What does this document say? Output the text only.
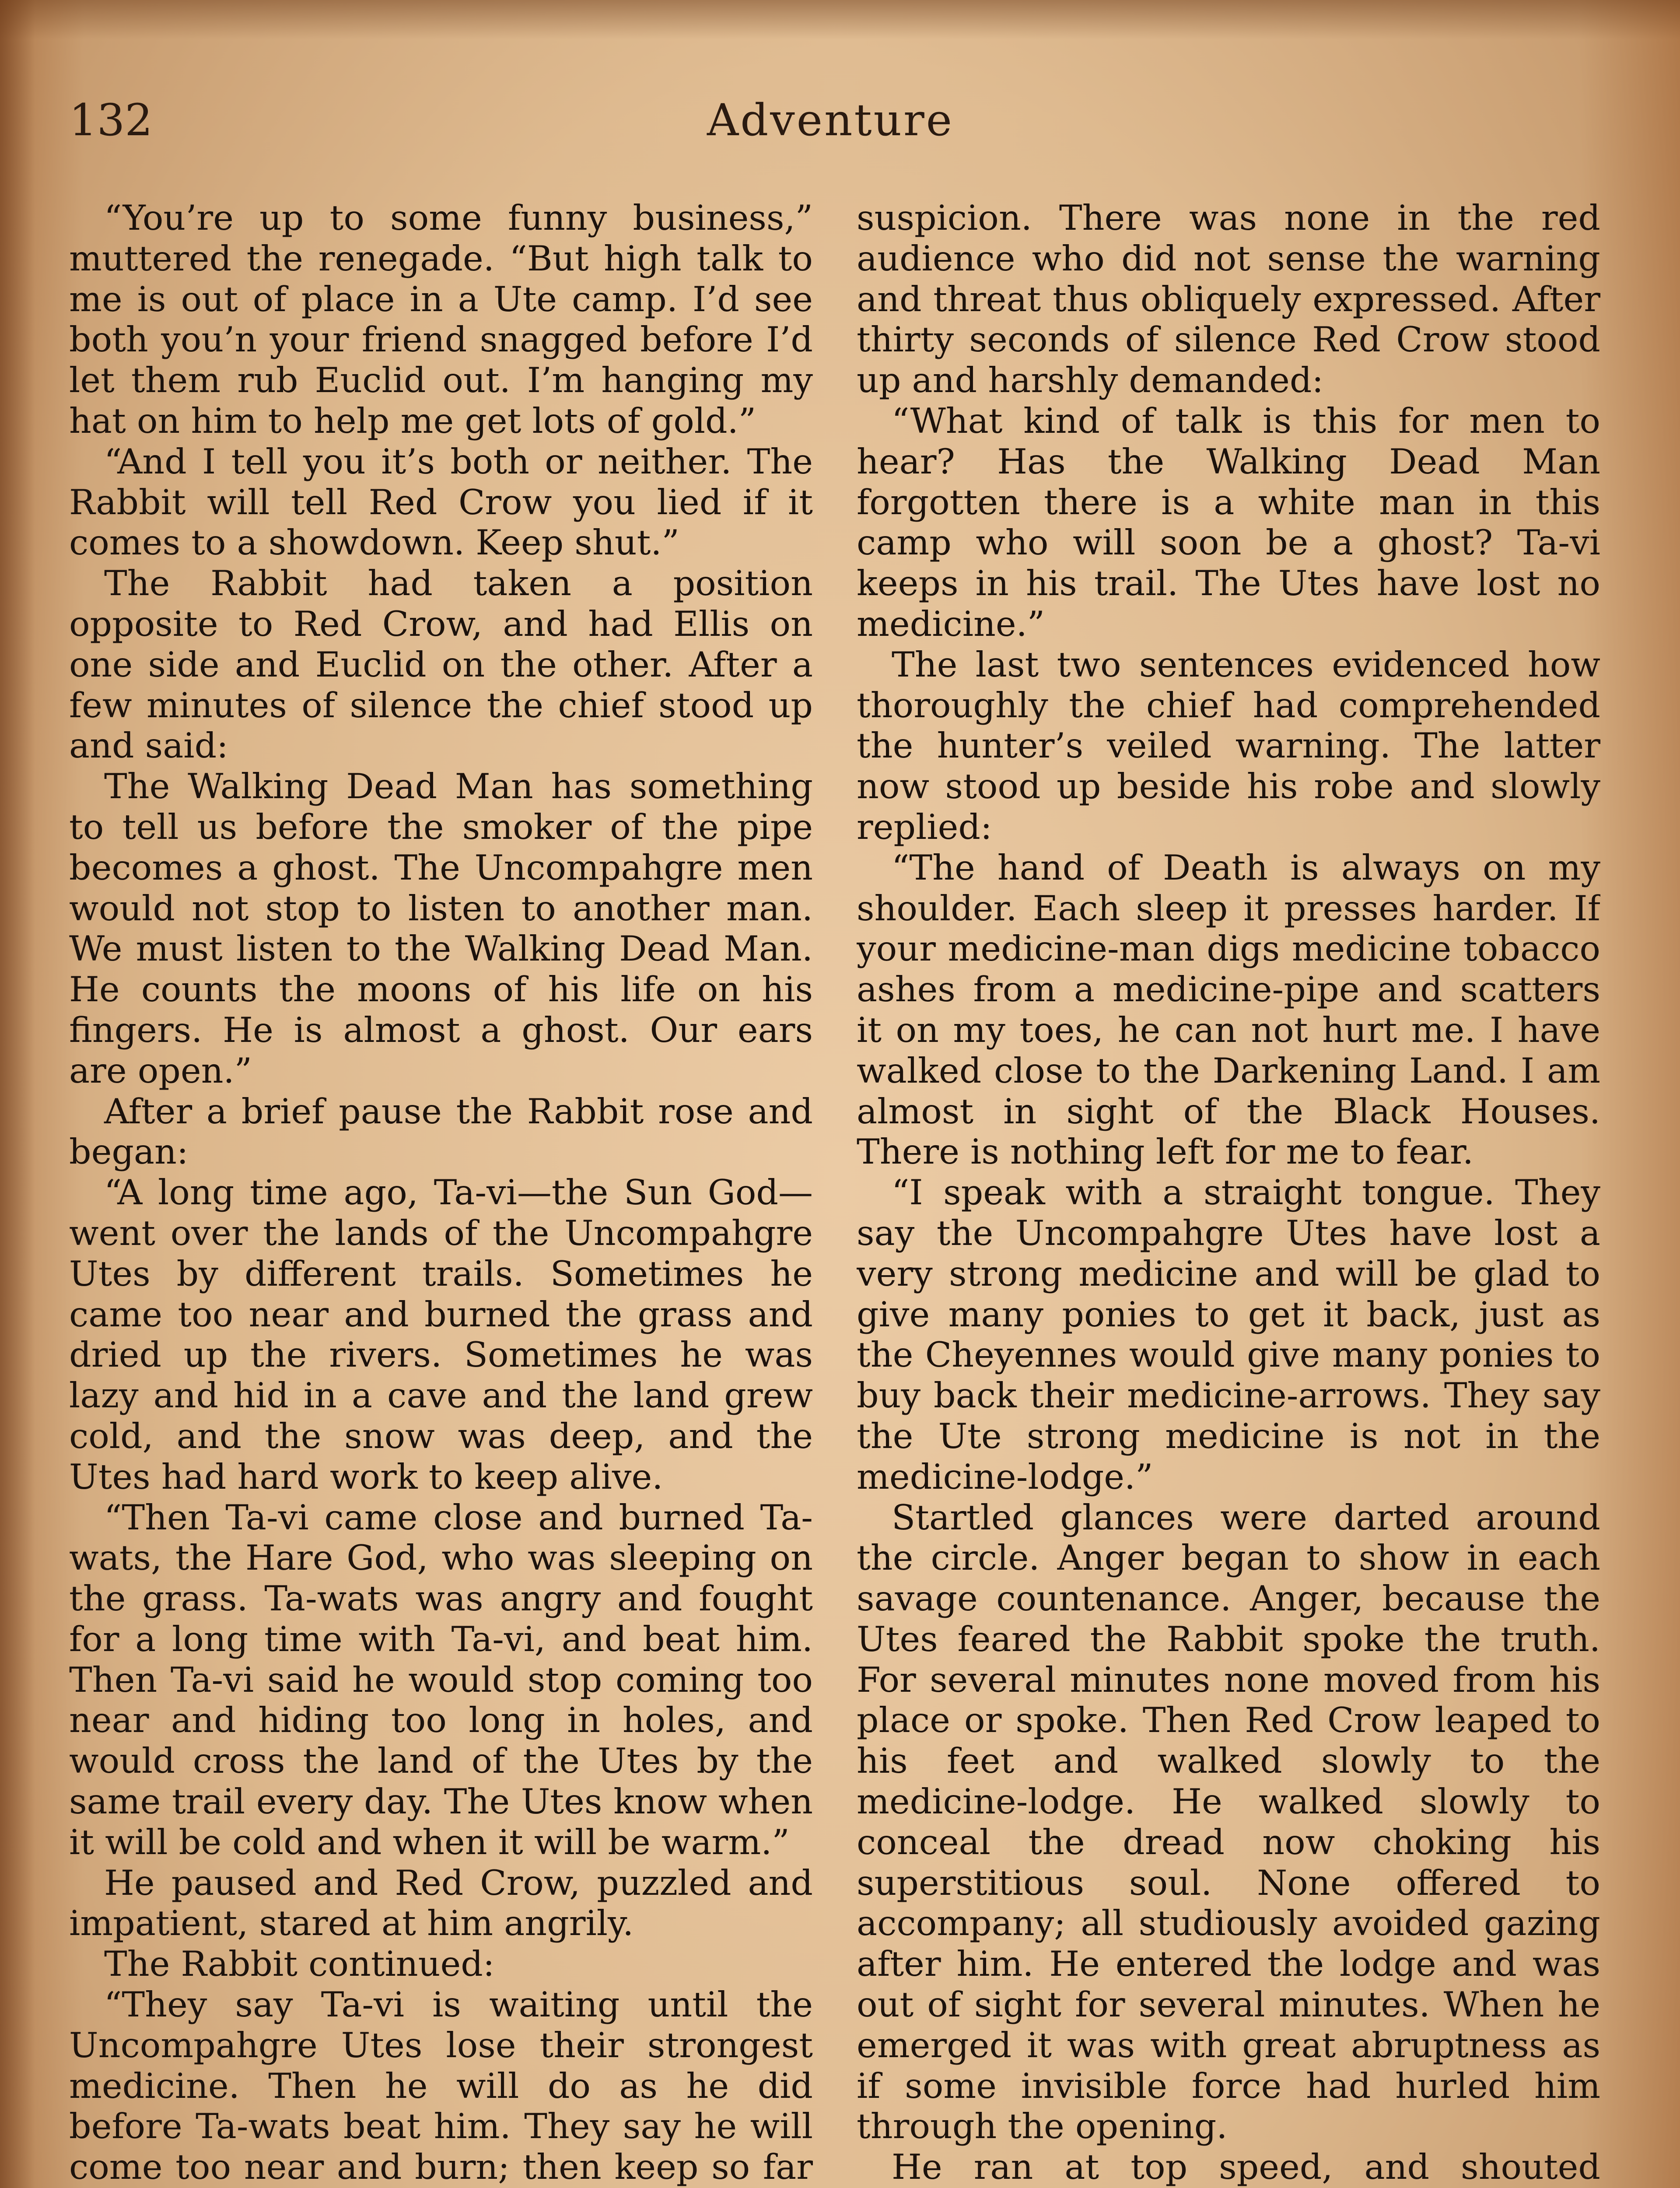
132	Adventure

“You’re up to some funny business,” muttered the renegade. “But high talk to me is out of place in a Ute camp. I’d see both you’n your friend snagged before I’d let them rub Euclid out. I’m hanging my hat on him to help me get lots of gold.”

“And I tell you it’s both or neither. The Rabbit will tell Red Crow you lied if it comes to a showdown. Keep shut.”

The Rabbit had taken a position opposite to Red Crow, and had Ellis on one side and Euclid on the other. After a few minutes of silence the chief stood up and said:

The Walking Dead Man has something to tell us before the smoker of the pipe becomes a ghost. The Uncompahgre men would not stop to listen to another man. We must listen to the Walking Dead Man. He counts the moons of his life on his fingers. He is almost a ghost. Our ears are open.”

After a brief pause the Rabbit rose and began:

“A long time ago, Ta-vi—the Sun God—went over the lands of the Uncompahgre Utes by different trails. Sometimes he came too near and burned the grass and dried up the rivers. Sometimes he was lazy and hid in a cave and the land grew cold, and the snow was deep, and the Utes had hard work to keep alive.

“Then Ta-vi came close and burned Ta-wats, the Hare God, who was sleeping on the grass. Ta-wats was angry and fought for a long time with Ta-vi, and beat him. Then Ta-vi said he would stop coming too near and hiding too long in holes, and would cross the land of the Utes by the same trail every day. The Utes know when it will be cold and when it will be warm.”

He paused and Red Crow, puzzled and impatient, stared at him angrily.

The Rabbit continued:

“They say Ta-vi is waiting until the Uncompahgre Utes lose their strongest medicine. Then he will do as he did before Ta-wats beat him. They say he will come too near and burn; then keep so far

suspicion. There was none in the red audience who did not sense the warning and threat thus obliquely expressed. After thirty seconds of silence Red Crow stood up and harshly demanded:

“What kind of talk is this for men to hear? Has the Walking Dead Man forgotten there is a white man in this camp who will soon be a ghost? Ta-vi keeps in his trail. The Utes have lost no medicine.”

The last two sentences evidenced how thoroughly the chief had comprehended the hunter’s veiled warning. The latter now stood up beside his robe and slowly replied:

“The hand of Death is always on my shoulder. Each sleep it presses harder. If your medicine-man digs medicine tobacco ashes from a medicine-pipe and scatters it on my toes, he can not hurt me. I have walked close to the Darkening Land. I am almost in sight of the Black Houses. There is nothing left for me to fear.

“I speak with a straight tongue. They say the Uncompahgre Utes have lost a very strong medicine and will be glad to give many ponies to get it back, just as the Cheyennes would give many ponies to buy back their medicine-arrows. They say the Ute strong medicine is not in the medicine-lodge.”

Startled glances were darted around the circle. Anger began to show in each savage countenance. Anger, because the Utes feared the Rabbit spoke the truth. For several minutes none moved from his place or spoke. Then Red Crow leaped to his feet and walked slowly to the medicine-lodge. He walked slowly to conceal the dread now choking his superstitious soul. None offered to accompany; all studiously avoided gazing after him. He entered the lodge and was out of sight for several minutes. When he emerged it was with great abruptness as if some invisible force had hurled him through the opening.

He ran at top speed, and shouted
